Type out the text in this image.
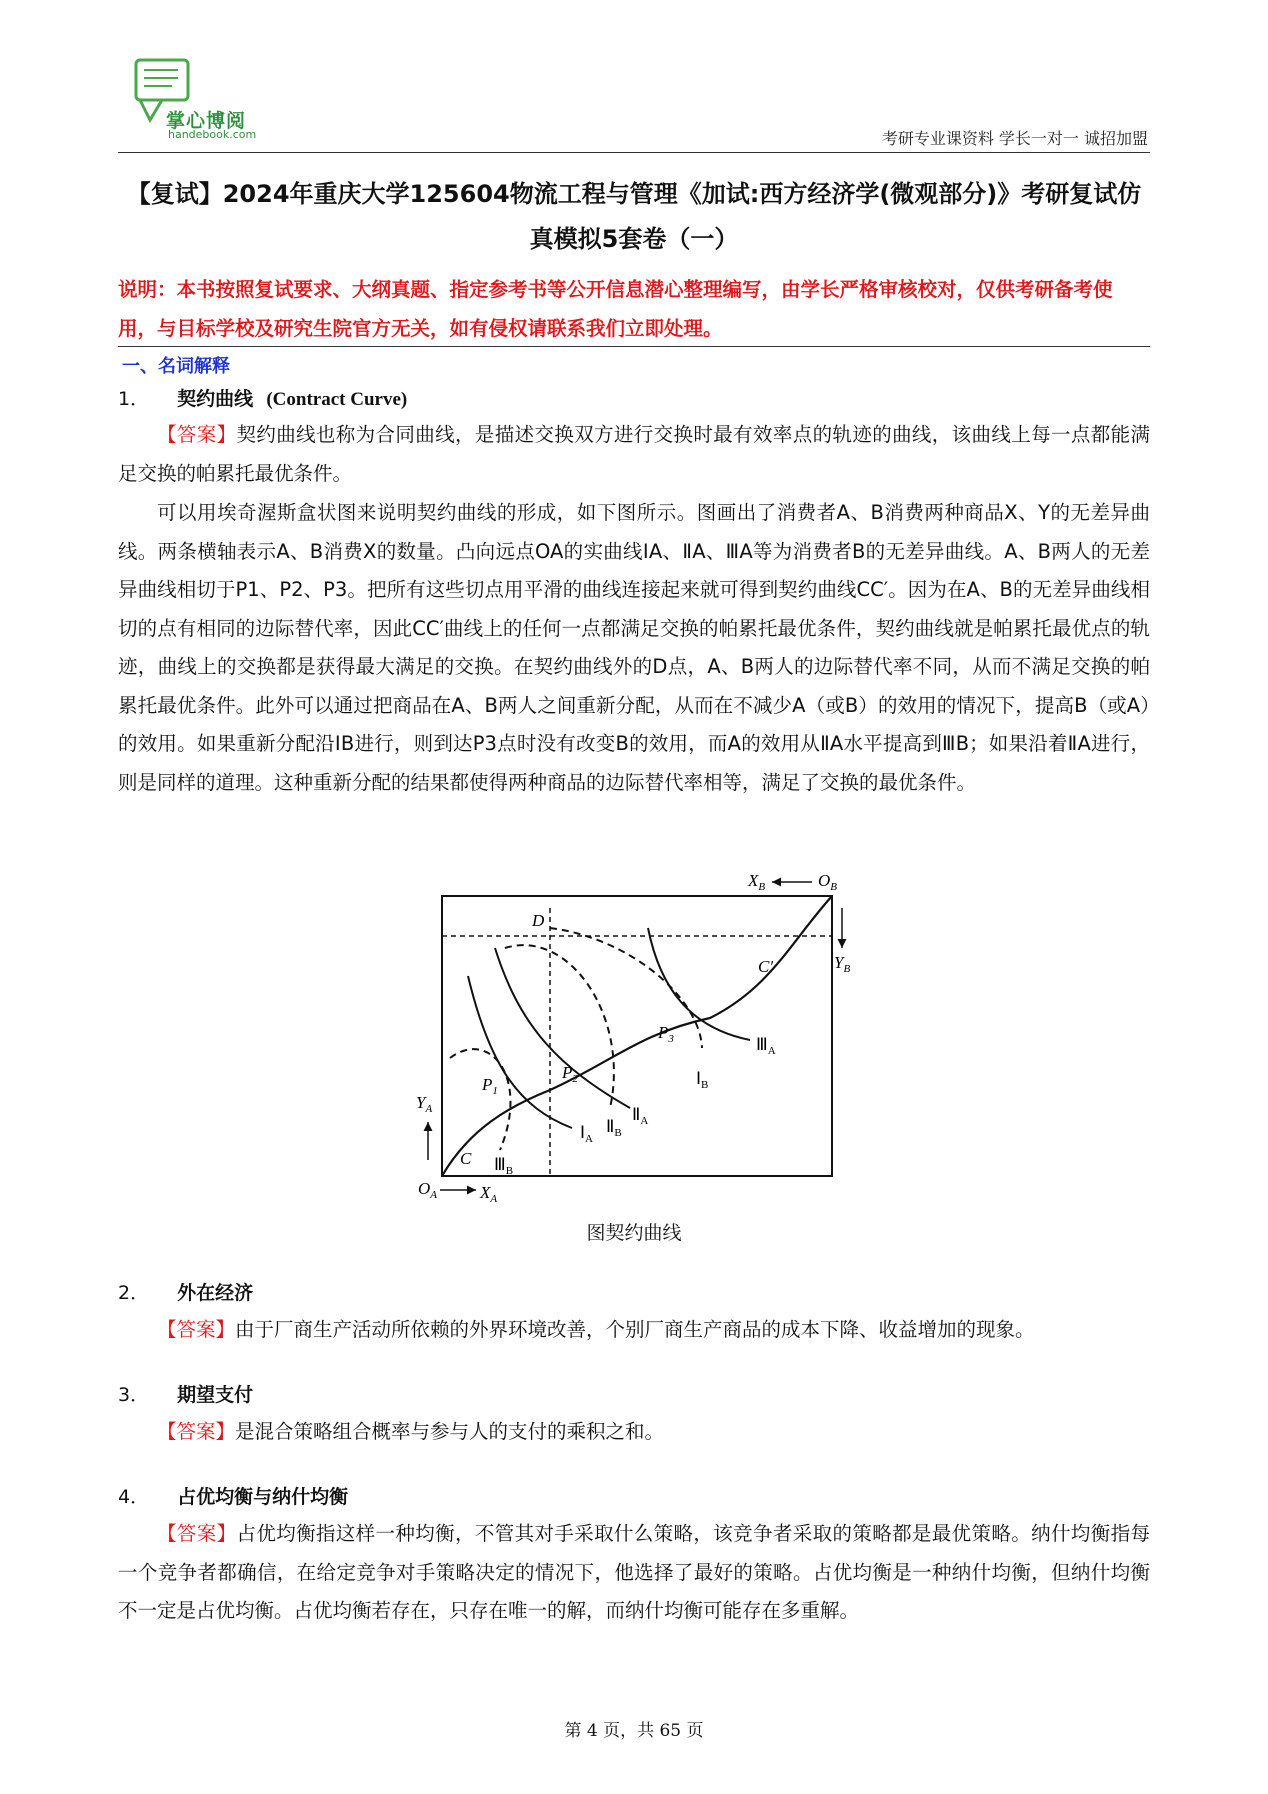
掌心博阅
handebook.com	考研专业课资料 学长一对一 诚招加盟
【复试】2024年重庆大学125604物流工程与管理《加试:西方经济学(微观部分)》考研复试仿真模拟5套卷（一）
说明：本书按照复试要求、大纲真题、指定参考书等公开信息潜心整理编写，由学长严格审核校对，仅供考研备考使用，与目标学校及研究生院官方无关，如有侵权请联系我们立即处理。
一、名词解释
1． 契约曲线 (Contract Curve)
【答案】契约曲线也称为合同曲线，是描述交换双方进行交换时最有效率点的轨迹的曲线，该曲线上每一点都能满足交换的帕累托最优条件。
可以用埃奇渥斯盒状图来说明契约曲线的形成，如下图所示。图画出了消费者A、B消费两种商品X、Y的无差异曲线。两条横轴表示A、B消费X的数量。凸向远点OA的实曲线ⅠA、ⅡA、ⅢA等为消费者B的无差异曲线。A、B两人的无差异曲线相切于P1、P2、P3。把所有这些切点用平滑的曲线连接起来就可得到契约曲线CC′。因为在A、B的无差异曲线相切的点有相同的边际替代率，因此CC′曲线上的任何一点都满足交换的帕累托最优条件，契约曲线就是帕累托最优点的轨迹，曲线上的交换都是获得最大满足的交换。在契约曲线外的D点，A、B两人的边际替代率不同，从而不满足交换的帕累托最优条件。此外可以通过把商品在A、B两人之间重新分配，从而在不减少A（或B）的效用的情况下，提高B（或A）的效用。如果重新分配沿ⅠB进行，则到达P3点时没有改变B的效用，而A的效用从ⅡA水平提高到ⅢB；如果沿着ⅡA进行，则是同样的道理。这种重新分配的结果都使得两种商品的边际替代率相等，满足了交换的最优条件。
$O_A$	$X_A$
$Y_A$
$X_B$	$O_B$
$Y_B$
D
C
C′
$P_1$
$P_2$
$P_3$
$Ⅰ_A$
$Ⅱ_A$
$Ⅲ_A$
$Ⅰ_B$
$Ⅱ_B$
$Ⅲ_B$
图契约曲线
2． 外在经济
【答案】由于厂商生产活动所依赖的外界环境改善，个别厂商生产商品的成本下降、收益增加的现象。
3． 期望支付
【答案】是混合策略组合概率与参与人的支付的乘积之和。
4． 占优均衡与纳什均衡
【答案】占优均衡指这样一种均衡，不管其对手采取什么策略，该竞争者采取的策略都是最优策略。纳什均衡指每一个竞争者都确信，在给定竞争对手策略决定的情况下，他选择了最好的策略。占优均衡是一种纳什均衡，但纳什均衡不一定是占优均衡。占优均衡若存在，只存在唯一的解，而纳什均衡可能存在多重解。
第 4 页，共 65 页
